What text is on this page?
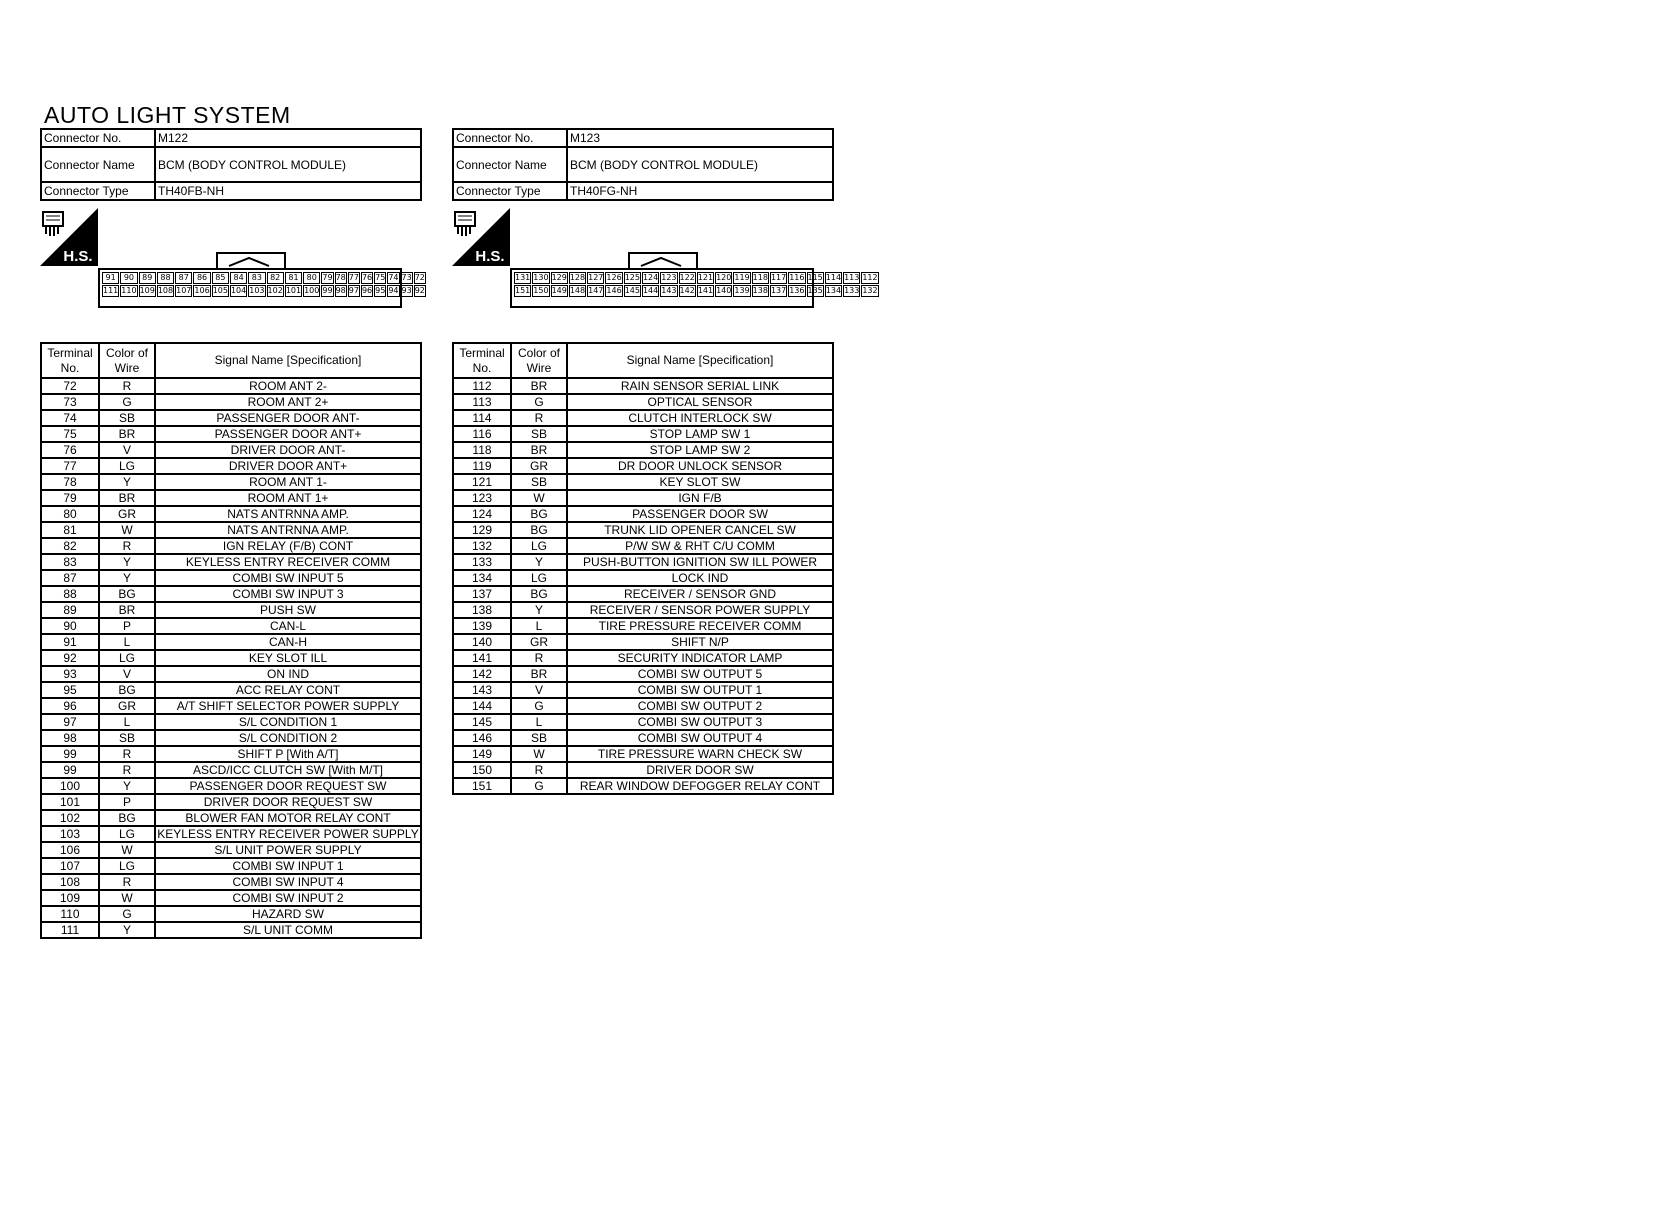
AUTO LIGHT SYSTEM
Connector No.	M122
Connector Name	BCM (BODY CONTROL MODULE)
Connector Type	TH40FB-NH
Connector No.	M123
Connector Name	BCM (BODY CONTROL MODULE)
Connector Type	TH40FG-NH
H.S.
91	90	89	88	87	86	85	84	83	82	81	80 79 78 77 76 75 74 73 72
111 110 109 108 107 106 105 104 103 102 101 100 99 98 97 96 95 94 93 92
H.S.
131 130 129 128 127 126 125 124 123 122 121 120 119 118 117 116 115 114 113 112
151 150 149 148 147 146 145 144 143 142 141 140 139 138 137 136 135 134 133 132
Terminal No.	Color of Wire	Signal Name [Specification]
72	R	ROOM ANT 2-
73	G	ROOM ANT 2+
74	SB	PASSENGER DOOR ANT-
75	BR	PASSENGER DOOR ANT+
76	V	DRIVER DOOR ANT-
77	LG	DRIVER DOOR ANT+
78	Y	ROOM ANT 1-
79	BR	ROOM ANT 1+
80	GR	NATS ANTRNNA AMP.
81	W	NATS ANTRNNA AMP.
82	R	IGN RELAY (F/B) CONT
83	Y	KEYLESS ENTRY RECEIVER COMM
87	Y	COMBI SW INPUT 5
88	BG	COMBI SW INPUT 3
89	BR	PUSH SW
90	P	CAN-L
91	L	CAN-H
92	LG	KEY SLOT ILL
93	V	ON IND
95	BG	ACC RELAY CONT
96	GR	A/T SHIFT SELECTOR POWER SUPPLY
97	L	S/L CONDITION 1
98	SB	S/L CONDITION 2
99	R	SHIFT P [With A/T]
99	R	ASCD/ICC CLUTCH SW [With M/T]
100	Y	PASSENGER DOOR REQUEST SW
101	P	DRIVER DOOR REQUEST SW
102	BG	BLOWER FAN MOTOR RELAY CONT
103	LG	KEYLESS ENTRY RECEIVER POWER SUPPLY
106	W	S/L UNIT POWER SUPPLY
107	LG	COMBI SW INPUT 1
108	R	COMBI SW INPUT 4
109	W	COMBI SW INPUT 2
110	G	HAZARD SW
111	Y	S/L UNIT COMM
Terminal No.	Color of Wire	Signal Name [Specification]
112	BR	RAIN SENSOR SERIAL LINK
113	G	OPTICAL SENSOR
114	R	CLUTCH INTERLOCK SW
116	SB	STOP LAMP SW 1
118	BR	STOP LAMP SW 2
119	GR	DR DOOR UNLOCK SENSOR
121	SB	KEY SLOT SW
123	W	IGN F/B
124	BG	PASSENGER DOOR SW
129	BG	TRUNK LID OPENER CANCEL SW
132	LG	P/W SW & RHT C/U COMM
133	Y	PUSH-BUTTON IGNITION SW ILL POWER
134	LG	LOCK IND
137	BG	RECEIVER / SENSOR GND
138	Y	RECEIVER / SENSOR POWER SUPPLY
139	L	TIRE PRESSURE RECEIVER COMM
140	GR	SHIFT N/P
141	R	SECURITY INDICATOR LAMP
142	BR	COMBI SW OUTPUT 5
143	V	COMBI SW OUTPUT 1
144	G	COMBI SW OUTPUT 2
145	L	COMBI SW OUTPUT 3
146	SB	COMBI SW OUTPUT 4
149	W	TIRE PRESSURE WARN CHECK SW
150	R	DRIVER DOOR SW
151	G	REAR WINDOW DEFOGGER RELAY CONT
